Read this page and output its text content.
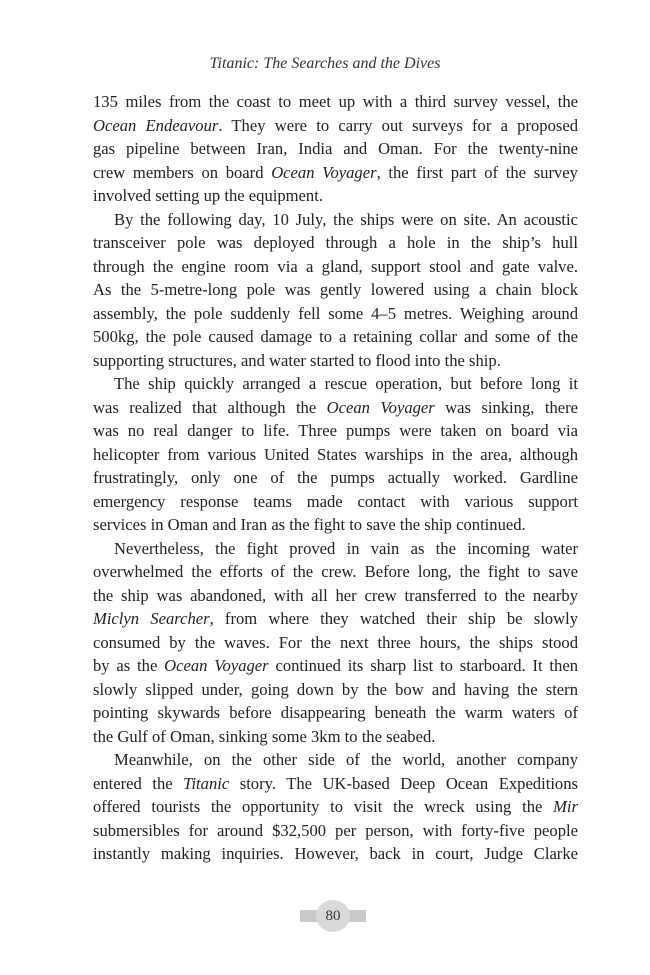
Titanic: The Searches and the Dives
135 miles from the coast to meet up with a third survey vessel, the
Ocean Endeavour. They were to carry out surveys for a proposed
gas pipeline between Iran, India and Oman. For the twenty-nine
crew members on board Ocean Voyager, the first part of the survey
involved setting up the equipment.
By the following day, 10 July, the ships were on site. An acoustic
transceiver pole was deployed through a hole in the ship’s hull
through the engine room via a gland, support stool and gate valve.
As the 5-metre-long pole was gently lowered using a chain block
assembly, the pole suddenly fell some 4–5 metres. Weighing around
500kg, the pole caused damage to a retaining collar and some of the
supporting structures, and water started to flood into the ship.
The ship quickly arranged a rescue operation, but before long it
was realized that although the Ocean Voyager was sinking, there
was no real danger to life. Three pumps were taken on board via
helicopter from various United States warships in the area, although
frustratingly, only one of the pumps actually worked. Gardline
emergency response teams made contact with various support
services in Oman and Iran as the fight to save the ship continued.
Nevertheless, the fight proved in vain as the incoming water
overwhelmed the efforts of the crew. Before long, the fight to save
the ship was abandoned, with all her crew transferred to the nearby
Miclyn Searcher, from where they watched their ship be slowly
consumed by the waves. For the next three hours, the ships stood
by as the Ocean Voyager continued its sharp list to starboard. It then
slowly slipped under, going down by the bow and having the stern
pointing skywards before disappearing beneath the warm waters of
the Gulf of Oman, sinking some 3km to the seabed.
Meanwhile, on the other side of the world, another company
entered the Titanic story. The UK-based Deep Ocean Expeditions
offered tourists the opportunity to visit the wreck using the Mir
submersibles for around $32,500 per person, with forty-five people
instantly making inquiries. However, back in court, Judge Clarke
80
